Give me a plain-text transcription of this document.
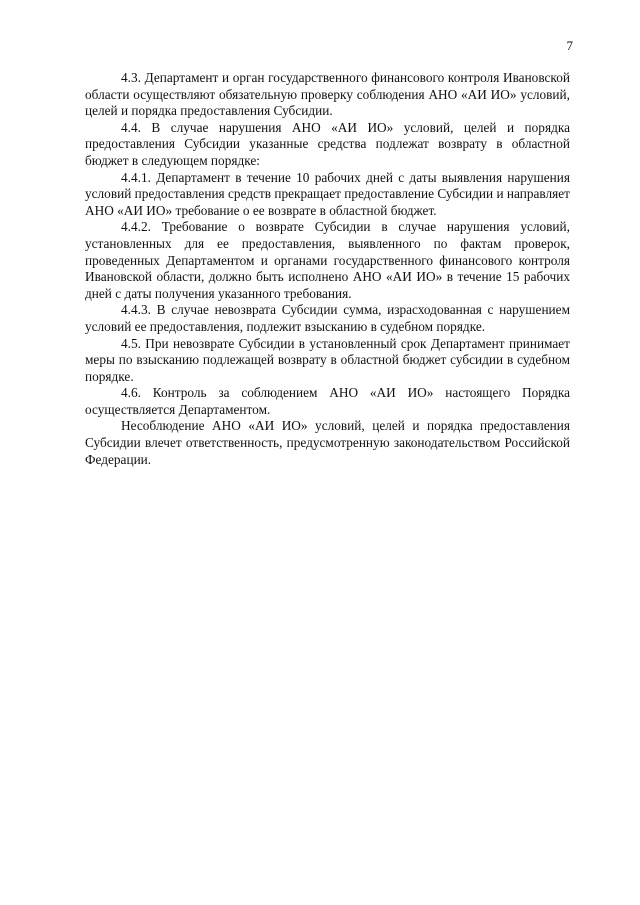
7

4.3. Департамент и орган государственного финансового контроля Ивановской области осуществляют обязательную проверку соблюдения АНО «АИ ИО» условий, целей и порядка предоставления Субсидии.

4.4. В случае нарушения АНО «АИ ИО» условий, целей и порядка предоставления Субсидии указанные средства подлежат возврату в областной бюджет в следующем порядке:

4.4.1. Департамент в течение 10 рабочих дней с даты выявления нарушения условий предоставления средств прекращает предоставление Субсидии и направляет АНО «АИ ИО» требование о ее возврате в областной бюджет.

4.4.2. Требование о возврате Субсидии в случае нарушения условий, установленных для ее предоставления, выявленного по фактам проверок, проведенных Департаментом и органами государственного финансового контроля Ивановской области, должно быть исполнено АНО «АИ ИО» в течение 15 рабочих дней с даты получения указанного требования.

4.4.3. В случае невозврата Субсидии сумма, израсходованная с нарушением условий ее предоставления, подлежит взысканию в судебном порядке.

4.5. При невозврате Субсидии в установленный срок Департамент принимает меры по взысканию подлежащей возврату в областной бюджет субсидии в судебном порядке.

4.6. Контроль за соблюдением АНО «АИ ИО» настоящего Порядка осуществляется Департаментом.

Несоблюдение АНО «АИ ИО» условий, целей и порядка предоставления Субсидии влечет ответственность, предусмотренную законодательством Российской Федерации.
